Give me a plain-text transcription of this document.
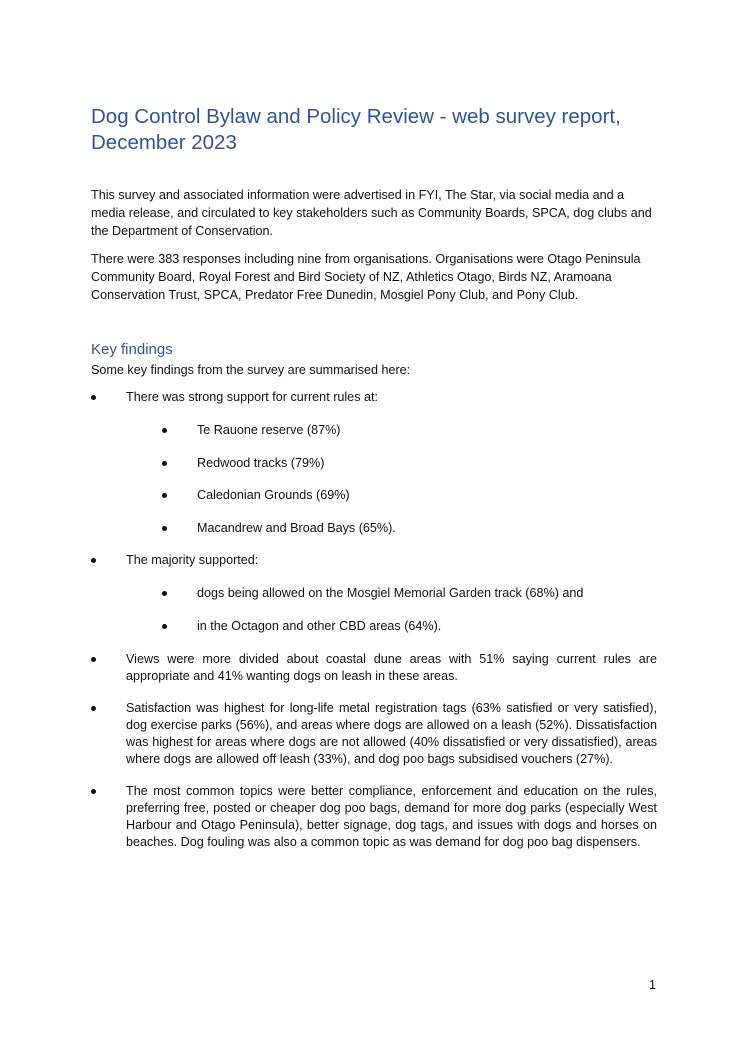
Dog Control Bylaw and Policy Review - web survey report, December 2023

This survey and associated information were advertised in FYI, The Star, via social media and a media release, and circulated to key stakeholders such as Community Boards, SPCA, dog clubs and the Department of Conservation.

There were 383 responses including nine from organisations. Organisations were Otago Peninsula Community Board, Royal Forest and Bird Society of NZ, Athletics Otago, Birds NZ, Aramoana Conservation Trust, SPCA, Predator Free Dunedin, Mosgiel Pony Club, and Pony Club.

Key findings
Some key findings from the survey are summarised here:
There was strong support for current rules at:
Te Rauone reserve (87%)
Redwood tracks (79%)
Caledonian Grounds (69%)
Macandrew and Broad Bays (65%).
The majority supported:
dogs being allowed on the Mosgiel Memorial Garden track (68%) and
in the Octagon and other CBD areas (64%).
Views were more divided about coastal dune areas with 51% saying current rules are appropriate and 41% wanting dogs on leash in these areas.
Satisfaction was highest for long-life metal registration tags (63% satisfied or very satisfied), dog exercise parks (56%), and areas where dogs are allowed on a leash (52%). Dissatisfaction was highest for areas where dogs are not allowed (40% dissatisfied or very dissatisfied), areas where dogs are allowed off leash (33%), and dog poo bags subsidised vouchers (27%).
The most common topics were better compliance, enforcement and education on the rules, preferring free, posted or cheaper dog poo bags, demand for more dog parks (especially West Harbour and Otago Peninsula), better signage, dog tags, and issues with dogs and horses on beaches. Dog fouling was also a common topic as was demand for dog poo bag dispensers.
1
